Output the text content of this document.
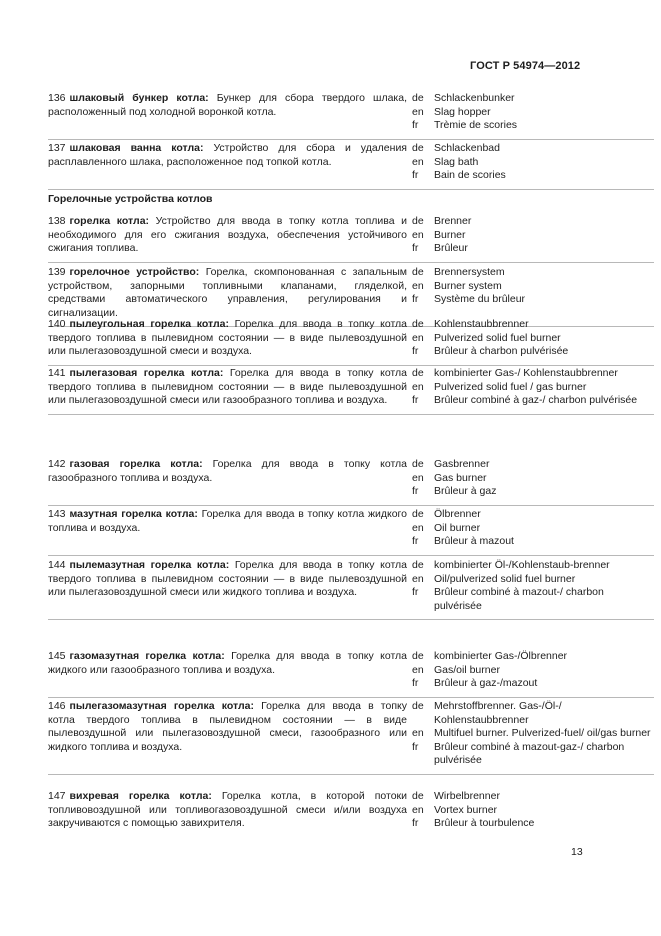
ГОСТ Р 54974—2012
136 шлаковый бункер котла: Бункер для сбора твердого шлака, расположенный под холодной воронкой котла.
de Schlackenbunker
en Slag hopper
fr	Trèmie de scories
137 шлаковая ванна котла: Устройство для сбора и удаления расплавленного шлака, расположенное под топкой котла.
de Schlackenbad
en Slag bath
fr	Bain de scories
Горелочные устройства котлов
138 горелка котла: Устройство для ввода в топку котла топлива и необходимого для его сжигания воздуха, обеспечения устойчивого сжигания топлива.
de Brenner
en Burner
fr	Brûleur
139 горелочное устройство: Горелка, скомпонованная с запальным устройством, запорными топливными клапанами, гляделкой, средствами автоматического управления, регулирования и сигнализации.
de Brennersystem
en Burner system
fr	Système du brûleur
140 пылеугольная горелка котла: Горелка для ввода в топку котла твердого топлива в пылевидном состоянии — в виде пылевоздушной или пылегазовоздушной смеси и воздуха.
de Kohlenstaubbrenner
en Pulverized solid fuel burner
fr	Brûleur à charbon pulvérisée
141 пылегазовая горелка котла: Горелка для ввода в топку котла твердого топлива в пылевидном состоянии — в виде пылевоздушной или пылегазовоздушной смеси или газообразного топлива и воздуха.
de kombinierter Gas-/ Kohlenstaubbrenner
en Pulverized solid fuel / gas burner
fr	Brûleur combiné à gaz-/ charbon pulvérisée
142 газовая горелка котла: Горелка для ввода в топку котла газообразного топлива и воздуха.
de Gasbrenner
en Gas burner
fr	Brûleur à gaz
143 мазутная горелка котла: Горелка для ввода в топку котла жидкого топлива и воздуха.
de Ölbrenner
en Oil burner
fr	Brûleur à mazout
144 пылемазутная горелка котла: Горелка для ввода в топку котла твердого топлива в пылевидном состоянии — в виде пылевоздушной или пылегазовоздушной смеси или жидкого топлива и воздуха.
de kombinierter Öl-/Kohlenstaub-brenner
en Oil/pulverized solid fuel burner
fr	Brûleur combiné à mazout-/ charbon pulvérisée
145 газомазутная горелка котла: Горелка для ввода в топку котла жидкого или газообразного топлива и воздуха.
de kombinierter Gas-/Ölbrenner
en Gas/oil burner
fr	Brûleur à gaz-/mazout
146 пылегазомазутная горелка котла: Горелка для ввода в топку котла твердого топлива в пылевидном состоянии — в виде пылевоздушной или пылегазовоздушной смеси, газообразного или жидкого топлива и воздуха.
de Mehrstoffbrenner. Gas-/Öl-/ Kohlenstaubbrenner
en Multifuel burner. Pulverized-fuel/ oil/gas burner
fr	Brûleur combiné à mazout-gaz-/ charbon pulvérisée
147 вихревая горелка котла: Горелка котла, в которой потоки топливовоздушной или топливогазовоздушной смеси и/или воздуха закручиваются с помощью завихрителя.
de Wirbelbrenner
en Vortex burner
fr	Brûleur à tourbulence
13
